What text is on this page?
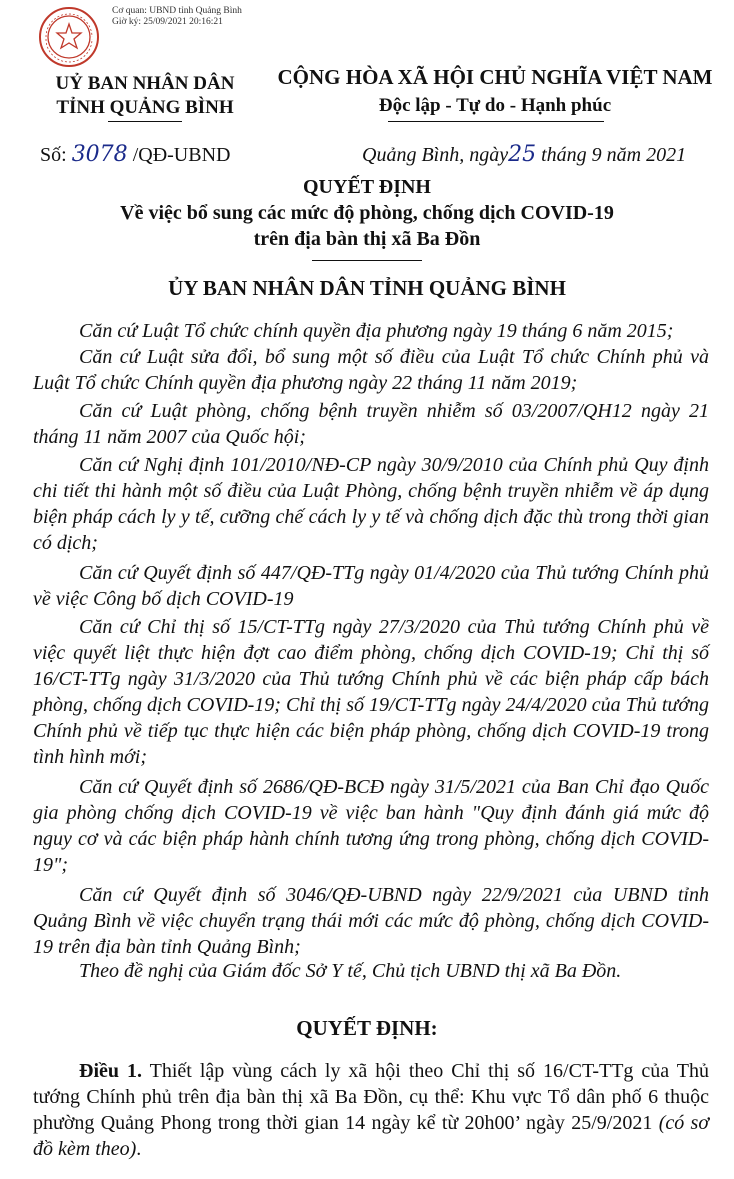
Cơ quan: UBND tỉnh Quảng Bình
Giờ ký: 25/09/2021 20:16:21
UỶ BAN NHÂN DÂN
TỈNH QUẢNG BÌNH
CỘNG HÒA XÃ HỘI CHỦ NGHĨA VIỆT NAM
Độc lập - Tự do - Hạnh phúc
Số: 3078 /QĐ-UBND	Quảng Bình, ngày25 tháng 9 năm 2021
QUYẾT ĐỊNH
Về việc bổ sung các mức độ phòng, chống dịch COVID-19
trên địa bàn thị xã Ba Đồn
ỦY BAN NHÂN DÂN TỈNH QUẢNG BÌNH

Căn cứ Luật Tổ chức chính quyền địa phương ngày 19 tháng 6 năm 2015;

Căn cứ Luật sửa đổi, bổ sung một số điều của Luật Tổ chức Chính phủ và Luật Tổ chức Chính quyền địa phương ngày 22 tháng 11 năm 2019;

Căn cứ Luật phòng, chống bệnh truyền nhiễm số 03/2007/QH12 ngày 21 tháng 11 năm 2007 của Quốc hội;

Căn cứ Nghị định 101/2010/NĐ-CP ngày 30/9/2010 của Chính phủ Quy định chi tiết thi hành một số điều của Luật Phòng, chống bệnh truyền nhiễm về áp dụng biện pháp cách ly y tế, cưỡng chế cách ly y tế và chống dịch đặc thù trong thời gian có dịch;

Căn cứ Quyết định số 447/QĐ-TTg ngày 01/4/2020 của Thủ tướng Chính phủ về việc Công bố dịch COVID-19

Căn cứ Chỉ thị số 15/CT-TTg ngày 27/3/2020 của Thủ tướng Chính phủ về việc quyết liệt thực hiện đợt cao điểm phòng, chống dịch COVID-19; Chỉ thị số 16/CT-TTg ngày 31/3/2020 của Thủ tướng Chính phủ về các biện pháp cấp bách phòng, chống dịch COVID-19; Chỉ thị số 19/CT-TTg ngày 24/4/2020 của Thủ tướng Chính phủ về tiếp tục thực hiện các biện pháp phòng, chống dịch COVID-19 trong tình hình mới;

Căn cứ Quyết định số 2686/QĐ-BCĐ ngày 31/5/2021 của Ban Chỉ đạo Quốc gia phòng chống dịch COVID-19 về việc ban hành "Quy định đánh giá mức độ nguy cơ và các biện pháp hành chính tương ứng trong phòng, chống dịch COVID-19";

Căn cứ Quyết định số 3046/QĐ-UBND ngày 22/9/2021 của UBND tỉnh Quảng Bình về việc chuyển trạng thái mới các mức độ phòng, chống dịch COVID-19 trên địa bàn tỉnh Quảng Bình;

Theo đề nghị của Giám đốc Sở Y tế, Chủ tịch UBND thị xã Ba Đồn.

QUYẾT ĐỊNH:

Điều 1. Thiết lập vùng cách ly xã hội theo Chỉ thị số 16/CT-TTg của Thủ tướng Chính phủ trên địa bàn thị xã Ba Đồn, cụ thể: Khu vực Tổ dân phố 6 thuộc phường Quảng Phong trong thời gian 14 ngày kể từ 20h00’ ngày 25/9/2021 (có sơ đồ kèm theo).
